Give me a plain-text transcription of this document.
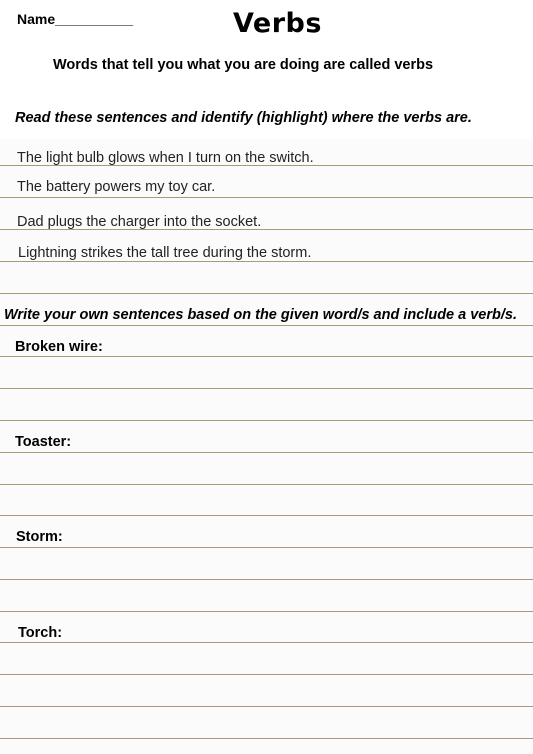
Name__________	Verbs
Words that tell you what you are doing are called verbs
Read these sentences and identify (highlight) where the verbs are.
The light bulb glows when I turn on the switch.
The battery powers my toy car.
Dad plugs the charger into the socket.
Lightning strikes the tall tree during the storm.
Write your own sentences based on the given word/s and include a verb/s.
Broken wire:
Toaster:
Storm:
Torch:
